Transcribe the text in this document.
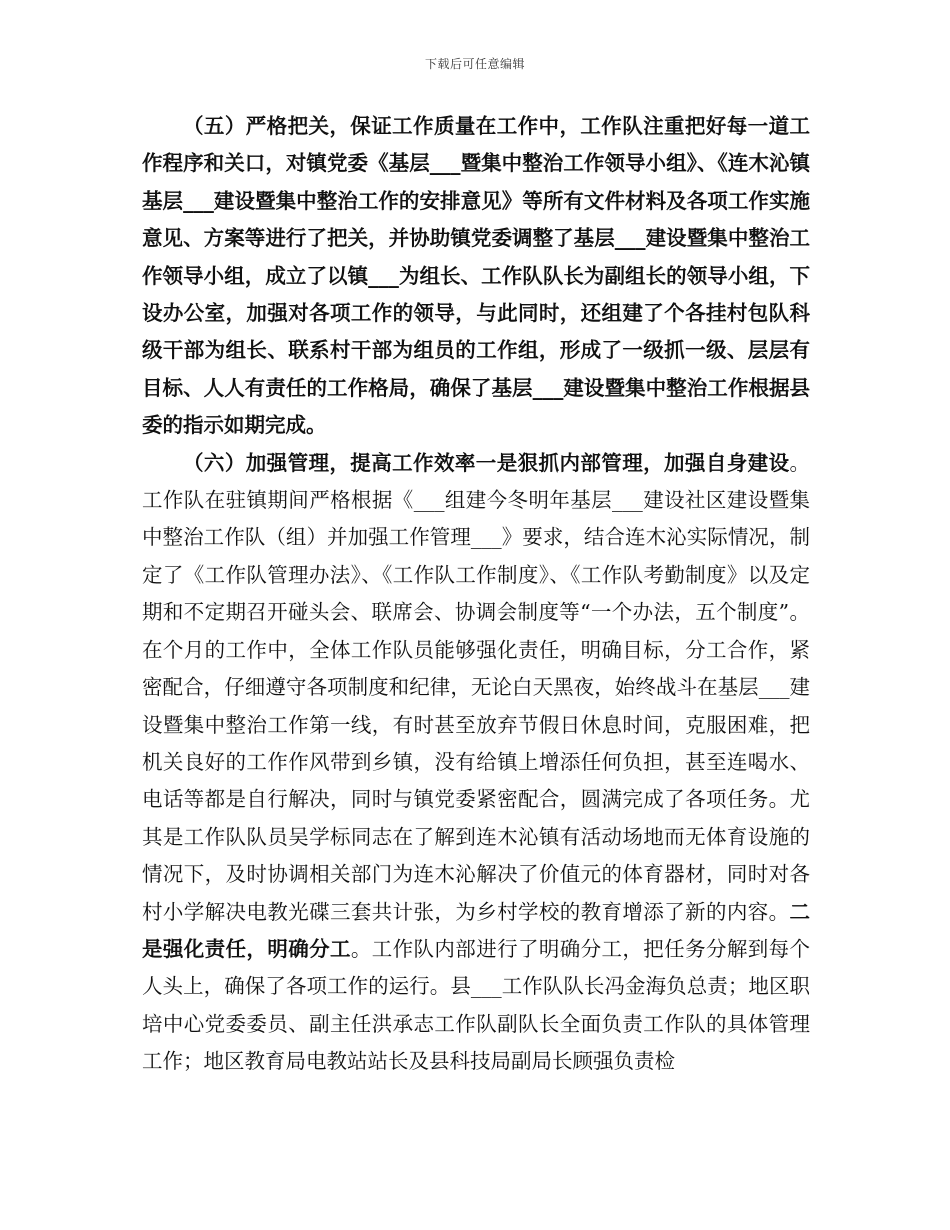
下载后可任意编辑

（五）严格把关，保证工作质量在工作中，工作队注重把好每一道工作程序和关口，对镇党委《基层___暨集中整治工作领导小组》、《连木沁镇基层___建设暨集中整治工作的安排意见》等所有文件材料及各项工作实施意见、方案等进行了把关，并协助镇党委调整了基层___建设暨集中整治工作领导小组，成立了以镇___为组长、工作队队长为副组长的领导小组，下设办公室，加强对各项工作的领导，与此同时，还组建了个各挂村包队科级干部为组长、联系村干部为组员的工作组，形成了一级抓一级、层层有目标、人人有责任的工作格局，确保了基层___建设暨集中整治工作根据县委的指示如期完成。

（六）加强管理，提高工作效率一是狠抓内部管理，加强自身建设。工作队在驻镇期间严格根据《___组建今冬明年基层___建设社区建设暨集中整治工作队（组）并加强工作管理___》要求，结合连木沁实际情况，制定了《工作队管理办法》、《工作队工作制度》、《工作队考勤制度》以及定期和不定期召开碰头会、联席会、协调会制度等“一个办法，五个制度”。在个月的工作中，全体工作队员能够强化责任，明确目标，分工合作，紧密配合，仔细遵守各项制度和纪律，无论白天黑夜，始终战斗在基层___建设暨集中整治工作第一线，有时甚至放弃节假日休息时间，克服困难，把机关良好的工作作风带到乡镇，没有给镇上增添任何负担，甚至连喝水、电话等都是自行解决，同时与镇党委紧密配合，圆满完成了各项任务。尤其是工作队队员吴学标同志在了解到连木沁镇有活动场地而无体育设施的情况下，及时协调相关部门为连木沁解决了价值元的体育器材，同时对各村小学解决电教光碟三套共计张，为乡村学校的教育增添了新的内容。二是强化责任，明确分工。工作队内部进行了明确分工，把任务分解到每个人头上，确保了各项工作的运行。县___工作队队长冯金海负总责；地区职培中心党委委员、副主任洪承志工作队副队长全面负责工作队的具体管理工作；地区教育局电教站站长及县科技局副局长顾强负责检
